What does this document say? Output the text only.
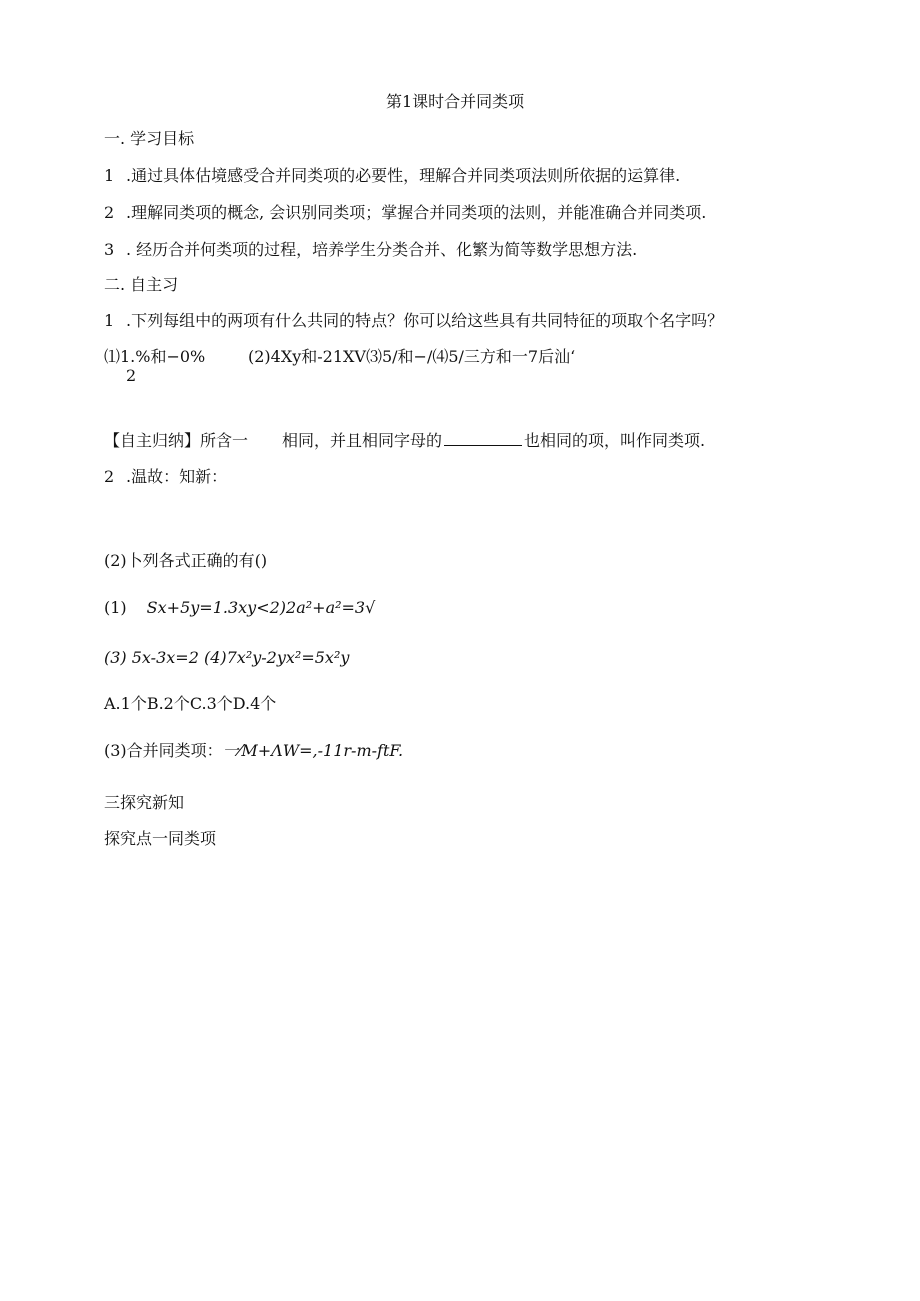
第1课时合并同类项
一. 学习目标
1 .通过具体估境感受合并同类项的必要性，理解合并同类项法则所依据的运算律.
2 .理解同类项的概念, 会识别同类项；掌握合并同类项的法则，并能准确合并同类项.
3 . 经历合并何类项的过程，培养学生分类合并、化繁为简等数学思想方法.
二. 自主习
1 .下列每组中的两项有什么共同的特点？你可以给这些具有共同特征的项取个名字吗？
⑴1.%和−0%
2
(2)4Xy和-21XV⑶5/和−/⑷5/三方和一7后汕‘
【自主归纳】所含一 相同，并且相同字母的	也相同的项，叫作同类项.
2 .温故：知新：
(2)卜列各式正确的有()
(1) Sx+5y=1.3xy<2)2a²+a²=3√
(3) 5x-3x=2 (4)7x²y-2yx²=5x²y
A.1个B.2个C.3个D.4个
(3)合并同类项：一⁄M+ΛW=,-11r-m-ftF.
三探究新知
探究点一同类项
